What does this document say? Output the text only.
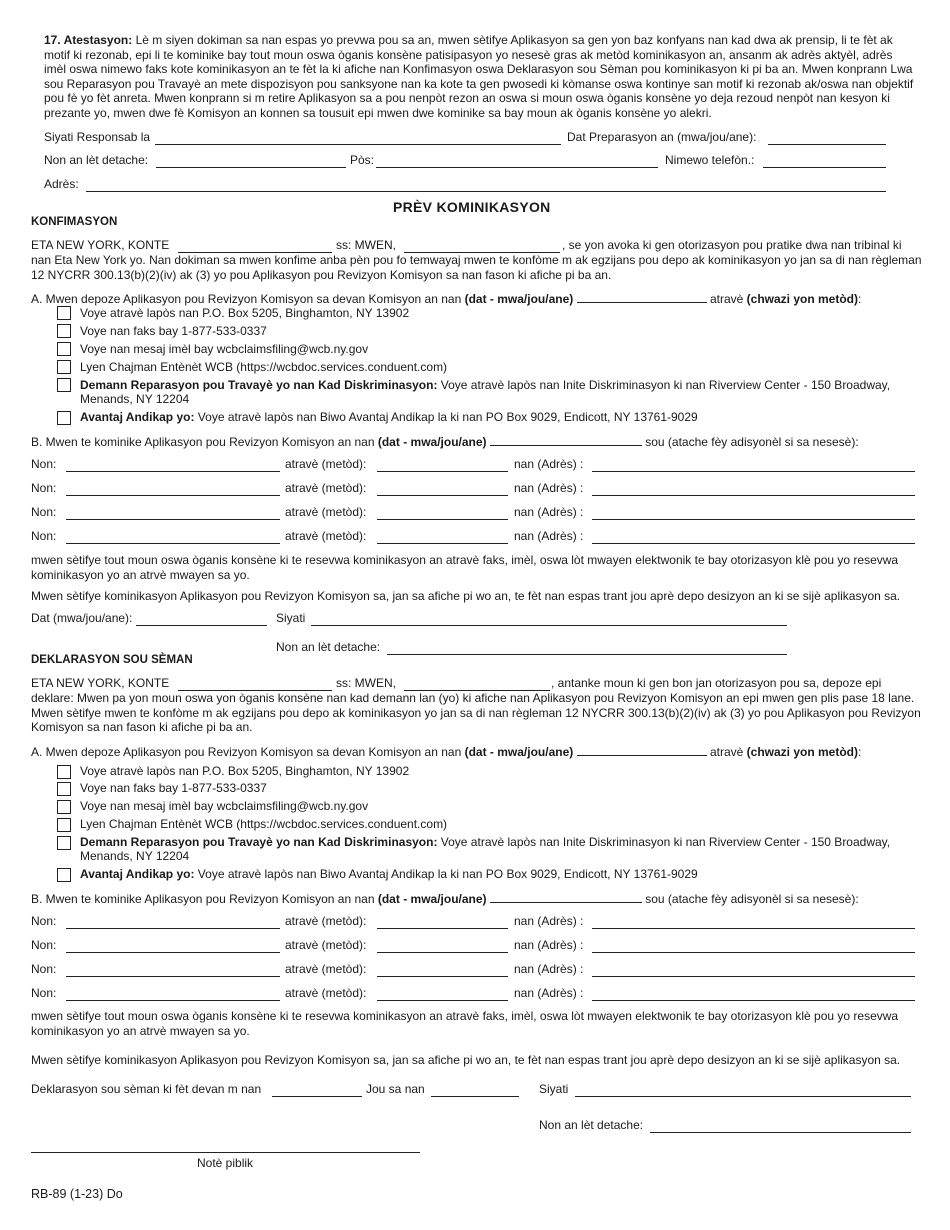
17. Atestasyon: Lè m siyen dokiman sa nan espas yo prevwa pou sa an, mwen sètifye Aplikasyon sa gen yon baz konfyans nan kad dwa ak prensip, li te fèt ak motif ki rezonab, epi li te kominike bay tout moun oswa òganis konsène patisipasyon yo nesesè gras ak metòd kominikasyon an, ansanm ak adrès aktyèl, adrès imèl oswa nimewo faks kote kominikasyon an te fèt la ki afiche nan Konfimasyon oswa Deklarasyon sou Sèman pou kominikasyon ki pi ba an. Mwen konprann Lwa sou Reparasyon pou Travayè an mete dispozisyon pou sanksyone nan ka kote ta gen pwosedi ki kòmanse oswa kontinye san motif ki rezonab ak/oswa nan objektif pou fè yo fèt anreta. Mwen konprann si m retire Aplikasyon sa a pou nenpòt rezon an oswa si moun oswa òganis konsène yo deja rezoud nenpòt nan kesyon ki prezante yo, mwen dwe fè Komisyon an konnen sa tousuit epi mwen dwe kominike sa bay moun ak òganis konsène yo alekri.
Siyati Responsab la	Dat Preparasyon an (mwa/jou/ane):
Non an lèt detache:	Pòs:	Nimewo telefòn.:
Adrès:
PRÈV KOMINIKASYON
KONFIMASYON
ETA NEW YORK, KONTE	ss: MWEN,	, se yon avoka ki gen otorizasyon pou pratike dwa nan tribinal ki
nan Eta New York yo. Nan dokiman sa mwen konfime anba pèn pou fo temwayaj mwen te konfòme m ak egzijans pou depo ak kominikasyon yo jan sa di nan règleman 12 NYCRR 300.13(b)(2)(iv) ak (3) yo pou Aplikasyon pou Revizyon Komisyon sa nan fason ki afiche pi ba an.
A. Mwen depoze Aplikasyon pou Revizyon Komisyon sa devan Komisyon an nan (dat - mwa/jou/ane)	atravè (chwazi yon metòd):
Voye atravè lapòs nan P.O. Box 5205, Binghamton, NY 13902
Voye nan faks bay 1-877-533-0337
Voye nan mesaj imèl bay wcbclaimsfiling@wcb.ny.gov
Lyen Chajman Entènèt WCB (https://wcbdoc.services.conduent.com)
Demann Reparasyon pou Travayè yo nan Kad Diskriminasyon: Voye atravè lapòs nan Inite Diskriminasyon ki nan Riverview Center - 150 Broadway,
Menands, NY 12204
Avantaj Andikap yo: Voye atravè lapòs nan Biwo Avantaj Andikap la ki nan PO Box 9029, Endicott, NY 13761-9029
B. Mwen te kominike Aplikasyon pou Revizyon Komisyon an nan (dat - mwa/jou/ane)	sou (atache fèy adisyonèl si sa nesesè):
Non:	atravè (metòd):	nan (Adrès) :
Non:	atravè (metòd):	nan (Adrès) :
Non:	atravè (metòd):	nan (Adrès) :
Non:	atravè (metòd):	nan (Adrès) :
mwen sètifye tout moun oswa òganis konsène ki te resevwa kominikasyon an atravè faks, imèl, oswa lòt mwayen elektwonik te bay otorizasyon klè pou yo resevwa kominikasyon yo an atrvè mwayen sa yo.
Mwen sètifye kominikasyon Aplikasyon pou Revizyon Komisyon sa, jan sa afiche pi wo an, te fèt nan espas trant jou aprè depo desizyon an ki se sijè aplikasyon sa.
Dat (mwa/jou/ane):	Siyati
Non an lèt detache:
DEKLARASYON SOU SÈMAN
ETA NEW YORK, KONTE	ss: MWEN,	, antanke moun ki gen bon jan otorizasyon pou sa, depoze epi
deklare: Mwen pa yon moun oswa yon òganis konsène nan kad demann lan (yo) ki afiche nan Aplikasyon pou Revizyon Komisyon an epi mwen gen plis pase 18 lane. Mwen sètifye mwen te konfòme m ak egzijans pou depo ak kominikasyon yo jan sa di nan règleman 12 NYCRR 300.13(b)(2)(iv) ak (3) yo pou Aplikasyon pou Revizyon Komisyon sa nan fason ki afiche pi ba an.
A. Mwen depoze Aplikasyon pou Revizyon Komisyon sa devan Komisyon an nan (dat - mwa/jou/ane)	atravè (chwazi yon metòd):
Voye atravè lapòs nan P.O. Box 5205, Binghamton, NY 13902
Voye nan faks bay 1-877-533-0337
Voye nan mesaj imèl bay wcbclaimsfiling@wcb.ny.gov
Lyen Chajman Entènèt WCB (https://wcbdoc.services.conduent.com)
Demann Reparasyon pou Travayè yo nan Kad Diskriminasyon: Voye atravè lapòs nan Inite Diskriminasyon ki nan Riverview Center - 150 Broadway,
Menands, NY 12204
Avantaj Andikap yo: Voye atravè lapòs nan Biwo Avantaj Andikap la ki nan PO Box 9029, Endicott, NY 13761-9029
B. Mwen te kominike Aplikasyon pou Revizyon Komisyon an nan (dat - mwa/jou/ane)	sou (atache fèy adisyonèl si sa nesesè):
Non:	atravè (metòd):	nan (Adrès) :
Non:	atravè (metòd):	nan (Adrès) :
Non:	atravè (metòd):	nan (Adrès) :
Non:	atravè (metòd):	nan (Adrès) :
mwen sètifye tout moun oswa òganis konsène ki te resevwa kominikasyon an atravè faks, imèl, oswa lòt mwayen elektwonik te bay otorizasyon klè pou yo resevwa kominikasyon yo an atrvè mwayen sa yo.
Mwen sètifye kominikasyon Aplikasyon pou Revizyon Komisyon sa, jan sa afiche pi wo an, te fèt nan espas trant jou aprè depo desizyon an ki se sijè aplikasyon sa.
Deklarasyon sou sèman ki fèt devan m nan	Jou sa nan	Siyati
Non an lèt detache:
Notè piblik
RB-89 (1-23) Do
